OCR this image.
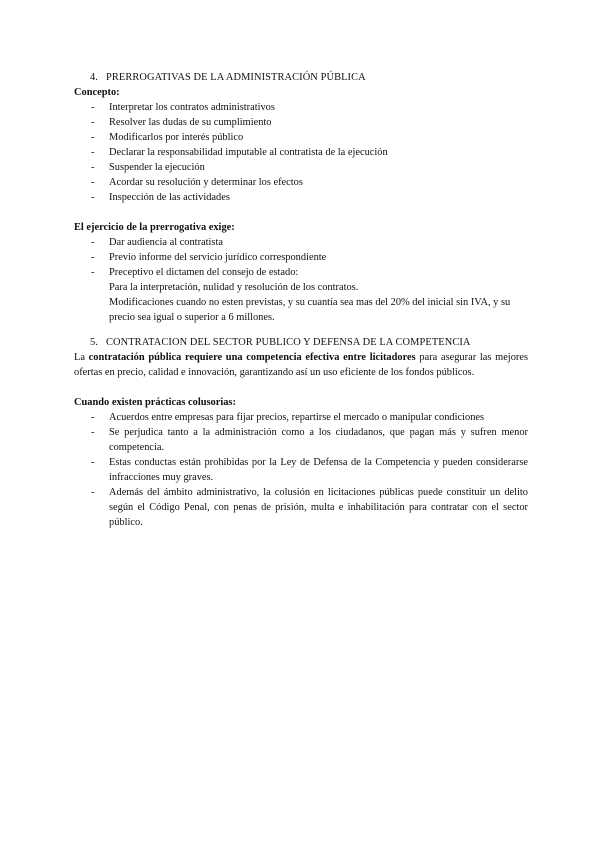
4. PRERROGATIVAS DE LA ADMINISTRACIÓN PÚBLICA
Concepto:
- Interpretar los contratos administrativos
- Resolver las dudas de su cumplimiento
- Modificarlos por interés público
- Declarar la responsabilidad imputable al contratista de la ejecución
- Suspender la ejecución
- Acordar su resolución y determinar los efectos
- Inspección de las actividades
El ejercicio de la prerrogativa exige:
- Dar audiencia al contratista
- Previo informe del servicio jurídico correspondiente
- Preceptivo el dictamen del consejo de estado:
Para la interpretación, nulidad y resolución de los contratos.
Modificaciones cuando no esten previstas, y su cuantía sea mas del 20% del inicial sin IVA, y su precio sea igual o superior a 6 millones.
5. CONTRATACION DEL SECTOR PUBLICO Y DEFENSA DE LA COMPETENCIA
La contratación pública requiere una competencia efectiva entre licitadores para asegurar las mejores ofertas en precio, calidad e innovación, garantizando así un uso eficiente de los fondos públicos.
Cuando existen prácticas colusorias:
- Acuerdos entre empresas para fijar precios, repartirse el mercado o manipular condiciones
- Se perjudica tanto a la administración como a los ciudadanos, que pagan más y sufren menor competencia.
- Estas conductas están prohibidas por la Ley de Defensa de la Competencia y pueden considerarse infracciones muy graves.
- Además del ámbito administrativo, la colusión en licitaciones públicas puede constituir un delito según el Código Penal, con penas de prisión, multa e inhabilitación para contratar con el sector público.
